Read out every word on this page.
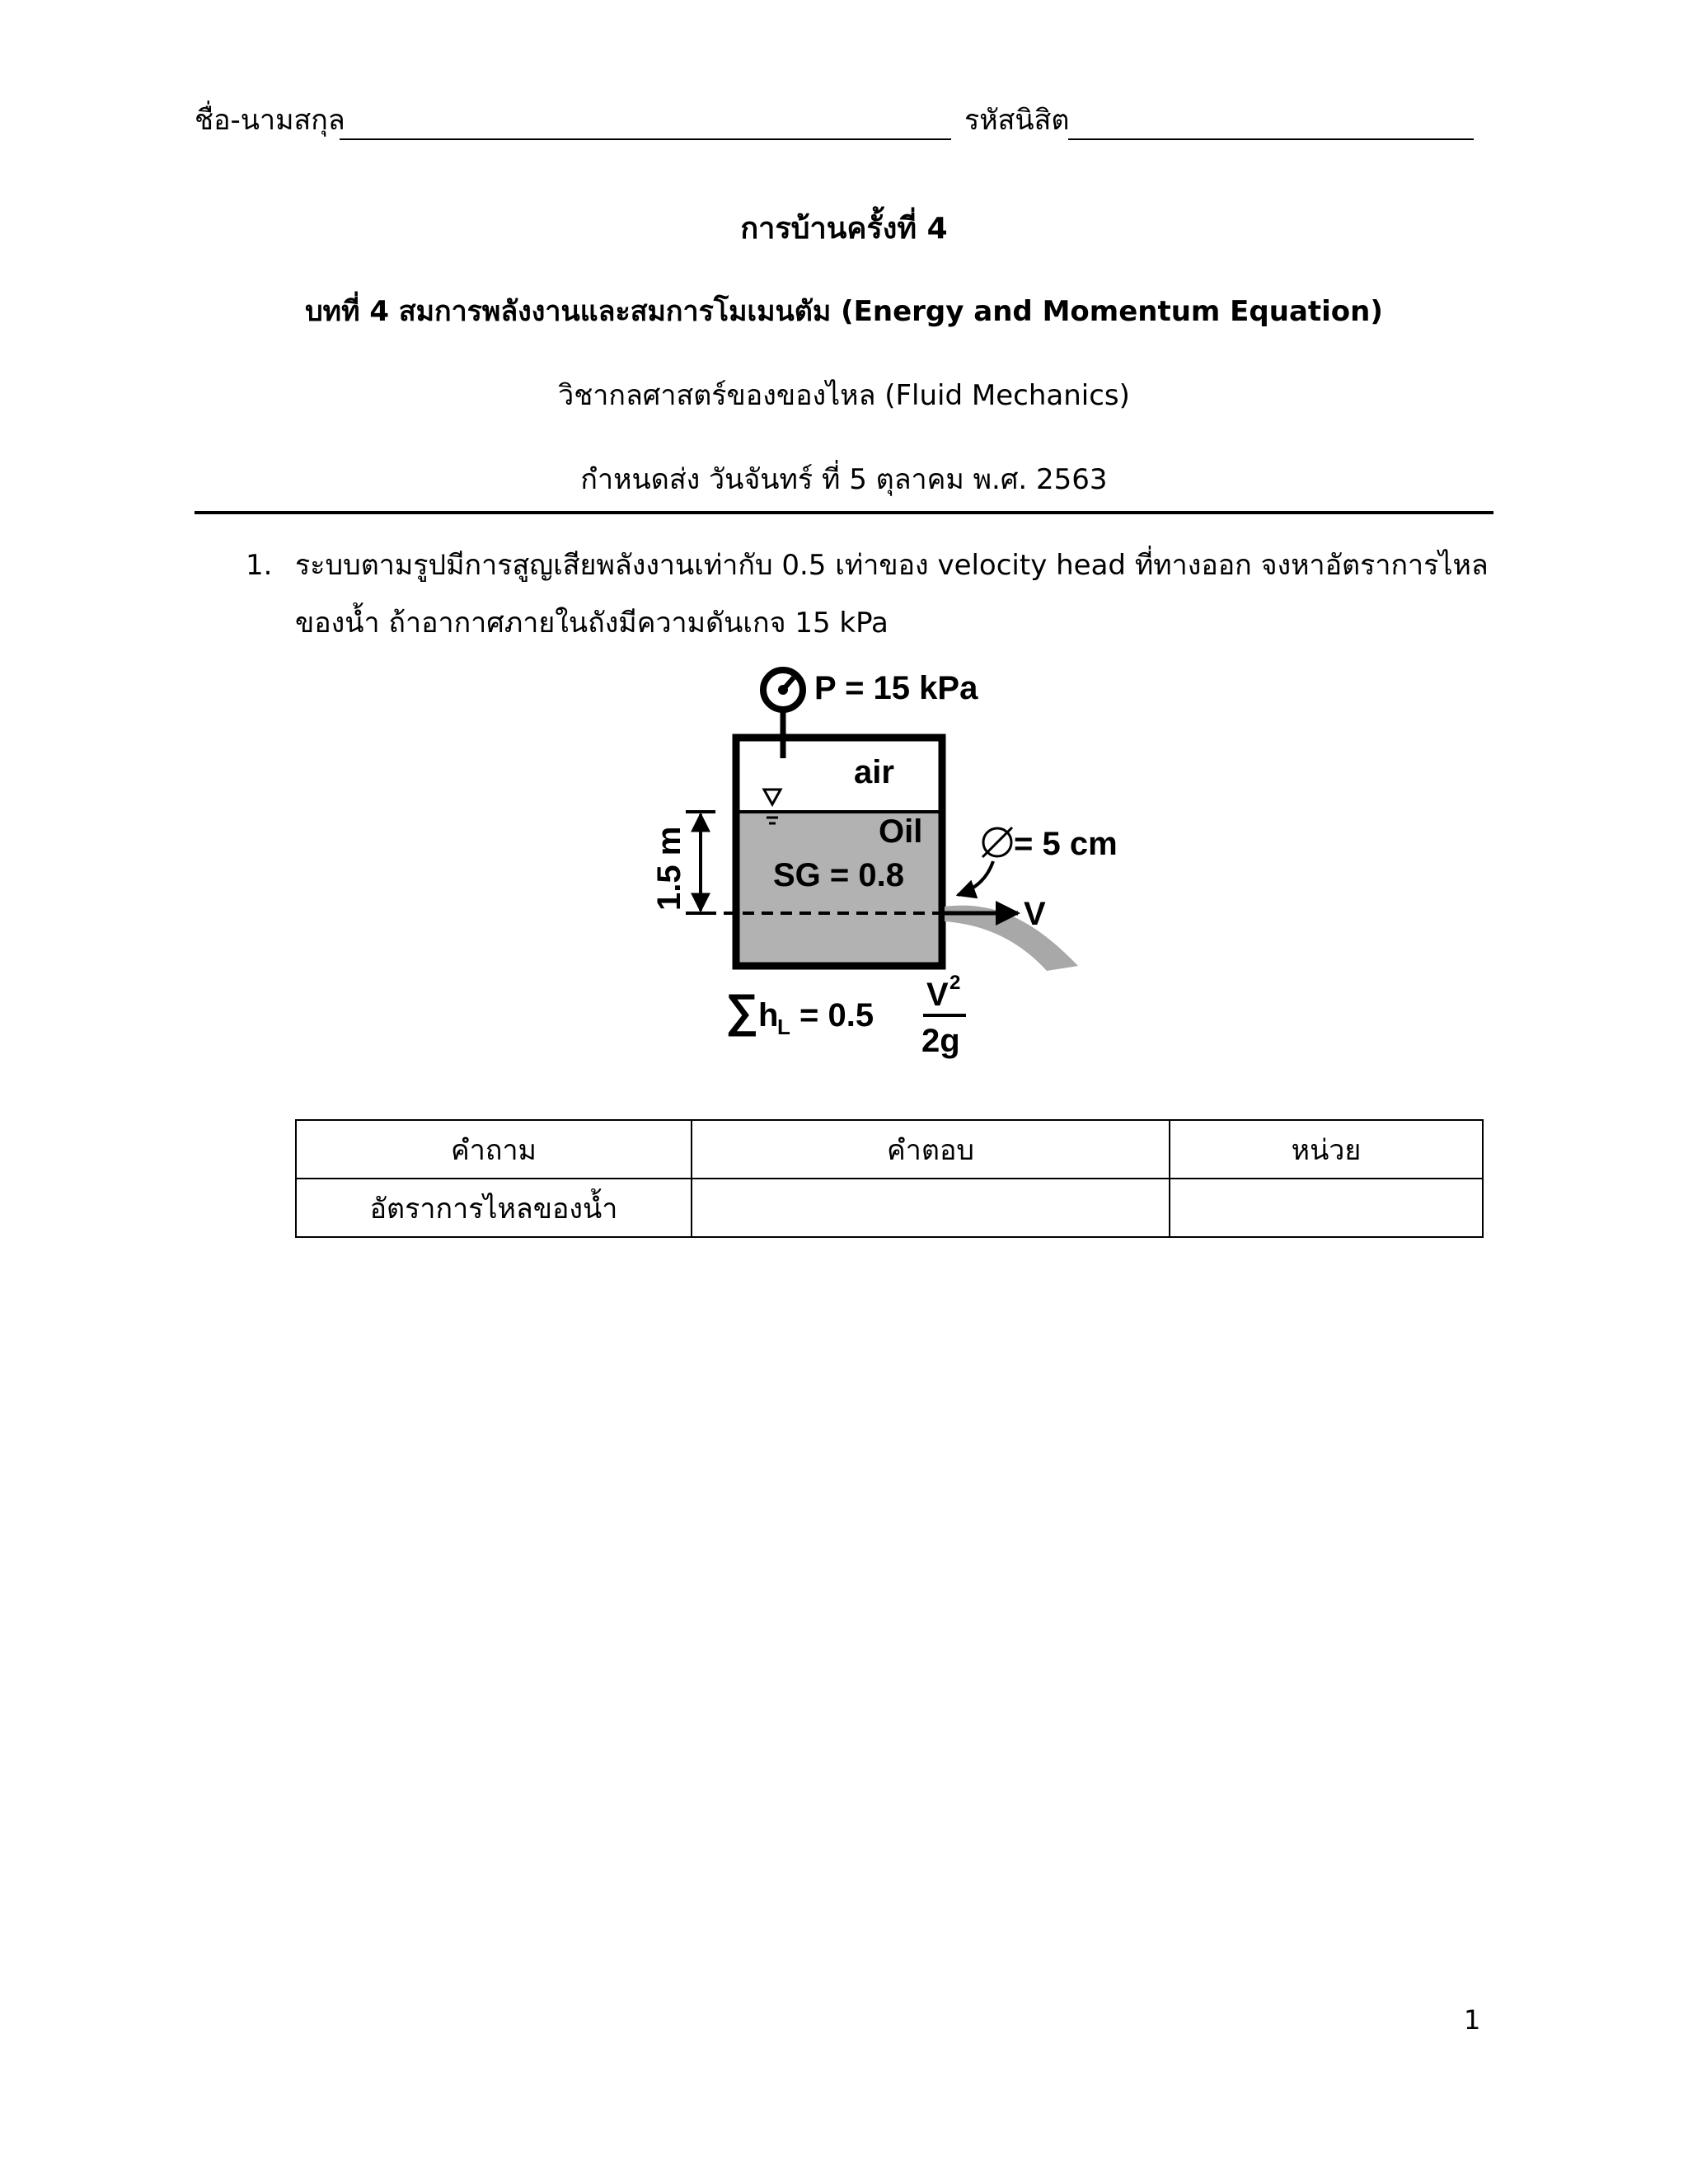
ชื่อ-นามสกุล	รหัสนิสิต
การบ้านครั้งที่ 4
บทที่ 4 สมการพลังงานและสมการโมเมนตัม (Energy and Momentum Equation)
วิชากลศาสตร์ของของไหล (Fluid Mechanics)
กำหนดส่ง วันจันทร์ ที่ 5 ตุลาคม พ.ศ. 2563
1. ระบบตามรูปมีการสูญเสียพลังงานเท่ากับ 0.5 เท่าของ velocity head ที่ทางออก จงหาอัตราการไหล
ของน้ำ ถ้าอากาศภายในถังมีความดันเกจ 15 kPa
P = 15 kPa
air
Oil
SG = 0.8
1.5 m
V
= 5 cm
∑ h
L = 0.5
V 2
2g
คำถาม	คำตอบ	หน่วย
อัตราการไหลของน้ำ		
1
